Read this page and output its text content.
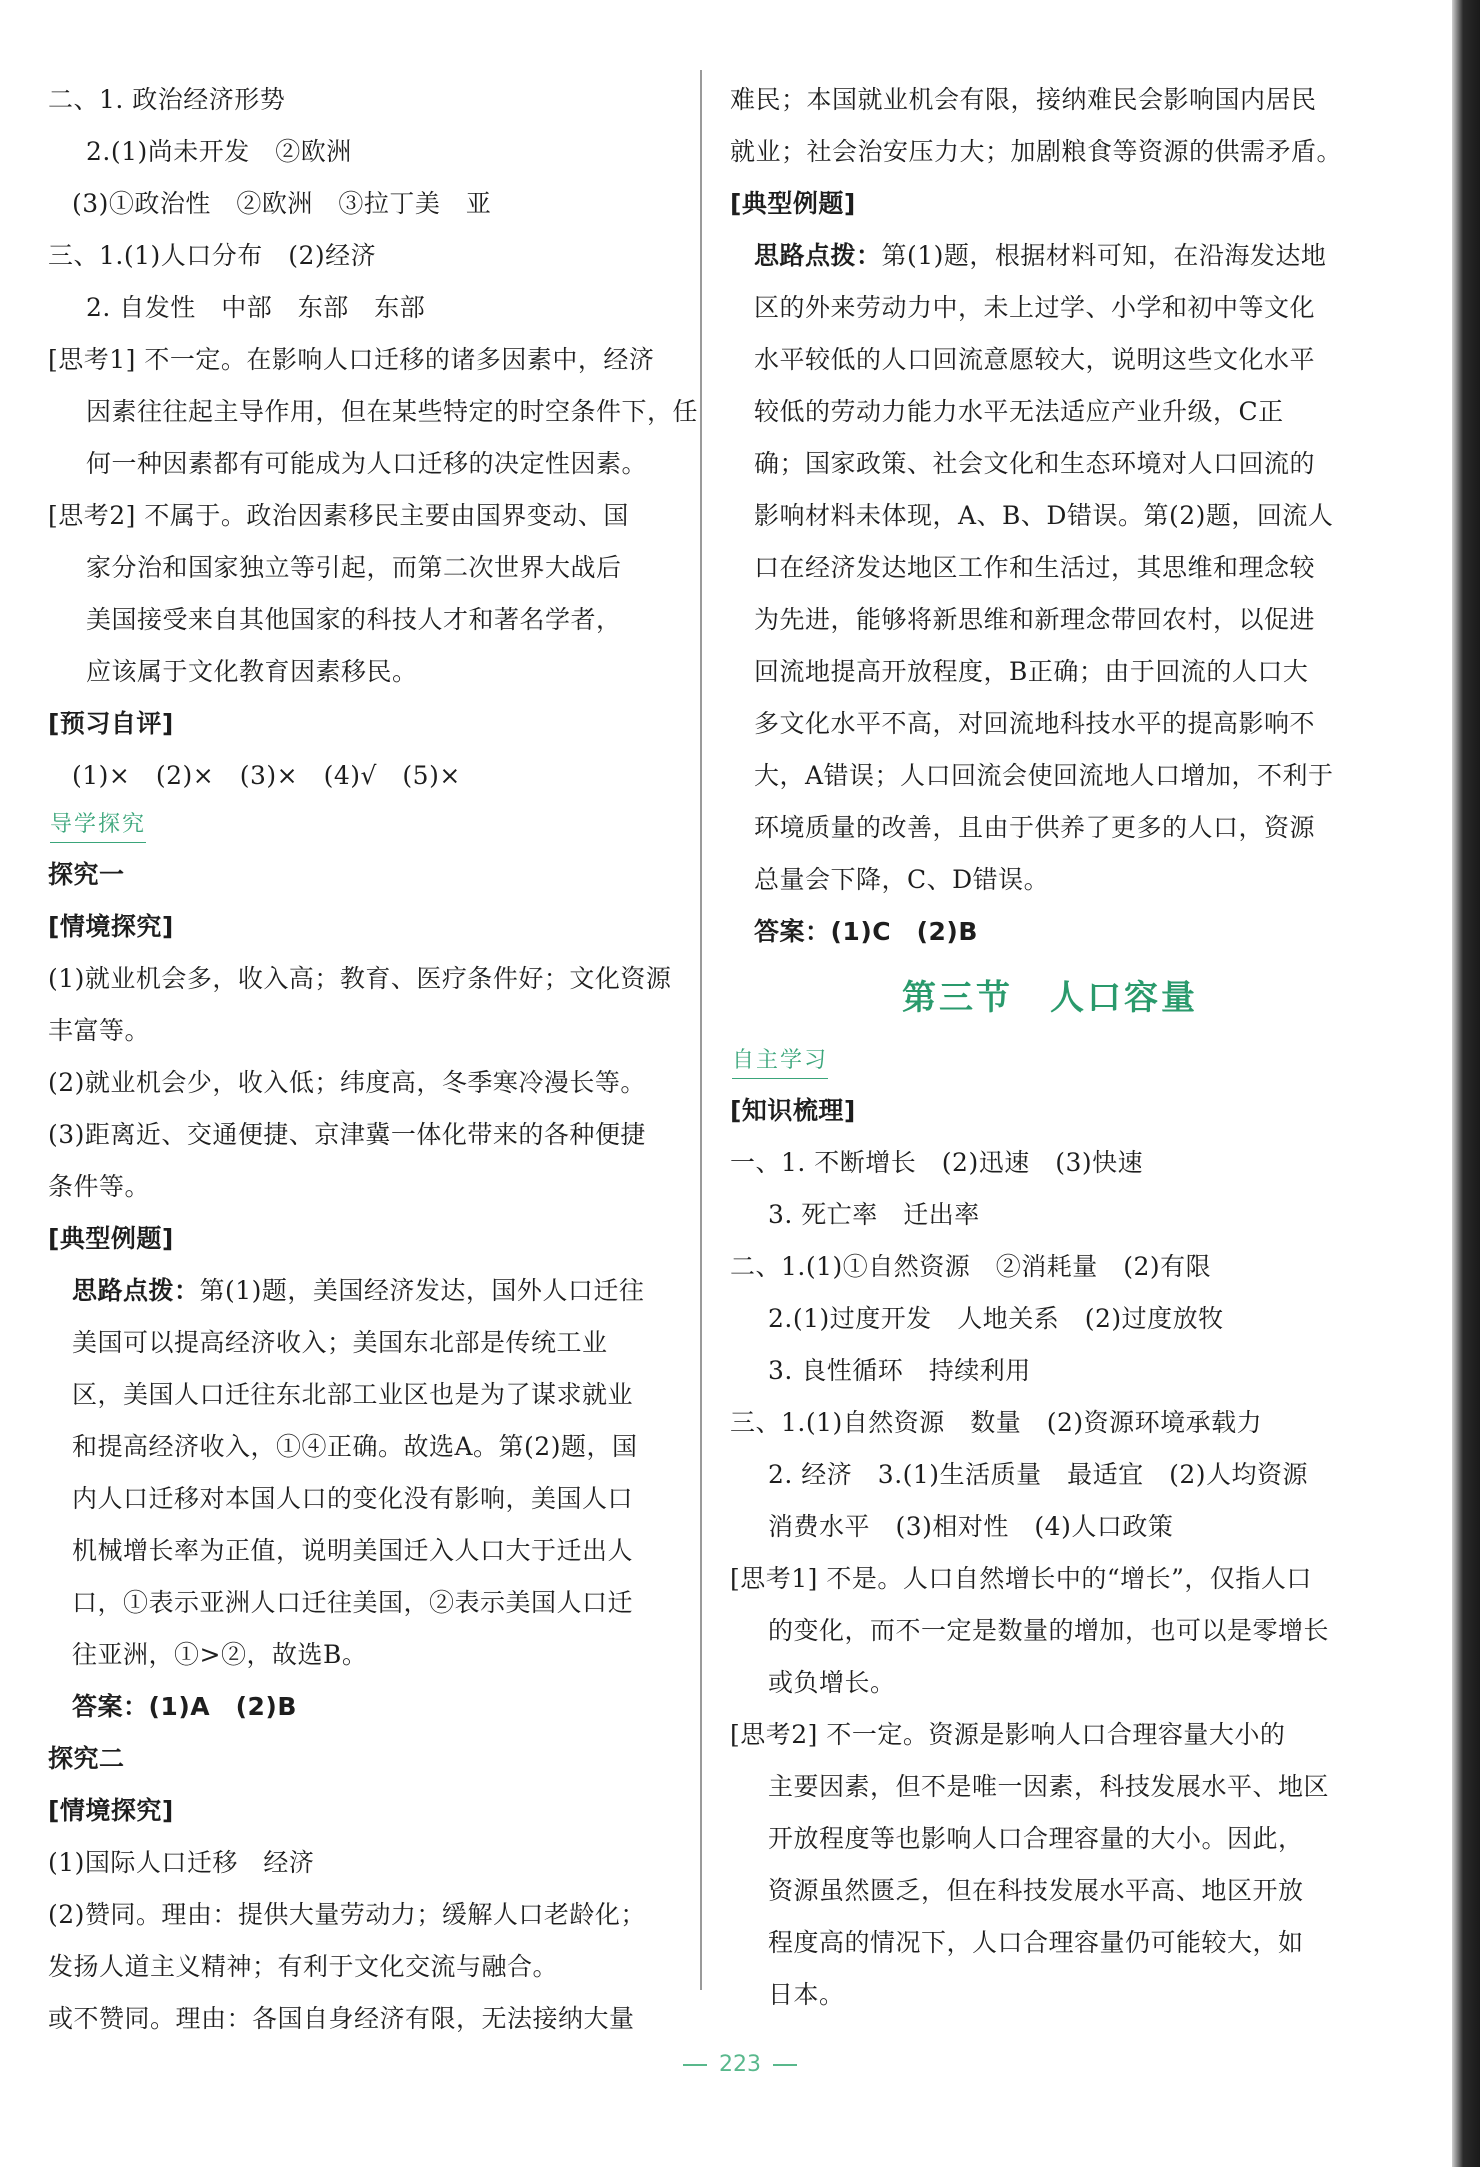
二、1. 政治经济形势
2.(1)尚未开发　②欧洲
(3)①政治性　②欧洲　③拉丁美　亚
三、1.(1)人口分布　(2)经济
2. 自发性　中部　东部　东部
[思考1] 不一定。在影响人口迁移的诸多因素中，经济
因素往往起主导作用，但在某些特定的时空条件下，任
何一种因素都有可能成为人口迁移的决定性因素。
[思考2] 不属于。政治因素移民主要由国界变动、国
家分治和国家独立等引起，而第二次世界大战后
美国接受来自其他国家的科技人才和著名学者，
应该属于文化教育因素移民。
[预习自评]
(1)×　(2)×　(3)×　(4)√　(5)×
导学探究
探究一
[情境探究]
(1)就业机会多，收入高；教育、医疗条件好；文化资源
丰富等。
(2)就业机会少，收入低；纬度高，冬季寒冷漫长等。
(3)距离近、交通便捷、京津冀一体化带来的各种便捷
条件等。
[典型例题]
思路点拨：第(1)题，美国经济发达，国外人口迁往
美国可以提高经济收入；美国东北部是传统工业
区，美国人口迁往东北部工业区也是为了谋求就业
和提高经济收入，①④正确。故选A。第(2)题，国
内人口迁移对本国人口的变化没有影响，美国人口
机械增长率为正值，说明美国迁入人口大于迁出人
口，①表示亚洲人口迁往美国，②表示美国人口迁
往亚洲，①>②，故选B。
答案：(1)A　(2)B
探究二
[情境探究]
(1)国际人口迁移　经济
(2)赞同。理由：提供大量劳动力；缓解人口老龄化；
发扬人道主义精神；有利于文化交流与融合。
或不赞同。理由：各国自身经济有限，无法接纳大量
难民；本国就业机会有限，接纳难民会影响国内居民
就业；社会治安压力大；加剧粮食等资源的供需矛盾。
[典型例题]
思路点拨：第(1)题，根据材料可知，在沿海发达地
区的外来劳动力中，未上过学、小学和初中等文化
水平较低的人口回流意愿较大，说明这些文化水平
较低的劳动力能力水平无法适应产业升级，C正
确；国家政策、社会文化和生态环境对人口回流的
影响材料未体现，A、B、D错误。第(2)题，回流人
口在经济发达地区工作和生活过，其思维和理念较
为先进，能够将新思维和新理念带回农村，以促进
回流地提高开放程度，B正确；由于回流的人口大
多文化水平不高，对回流地科技水平的提高影响不
大，A错误；人口回流会使回流地人口增加，不利于
环境质量的改善，且由于供养了更多的人口，资源
总量会下降，C、D错误。
答案：(1)C　(2)B
第三节　人口容量
自主学习
[知识梳理]
一、1. 不断增长　(2)迅速　(3)快速
3. 死亡率　迁出率
二、1.(1)①自然资源　②消耗量　(2)有限
2.(1)过度开发　人地关系　(2)过度放牧
3. 良性循环　持续利用
三、1.(1)自然资源　数量　(2)资源环境承载力
2. 经济　3.(1)生活质量　最适宜　(2)人均资源
消费水平　(3)相对性　(4)人口政策
[思考1] 不是。人口自然增长中的“增长”，仅指人口
的变化，而不一定是数量的增加，也可以是零增长
或负增长。
[思考2] 不一定。资源是影响人口合理容量大小的
主要因素，但不是唯一因素，科技发展水平、地区
开放程度等也影响人口合理容量的大小。因此，
资源虽然匮乏，但在科技发展水平高、地区开放
程度高的情况下，人口合理容量仍可能较大，如
日本。
223
